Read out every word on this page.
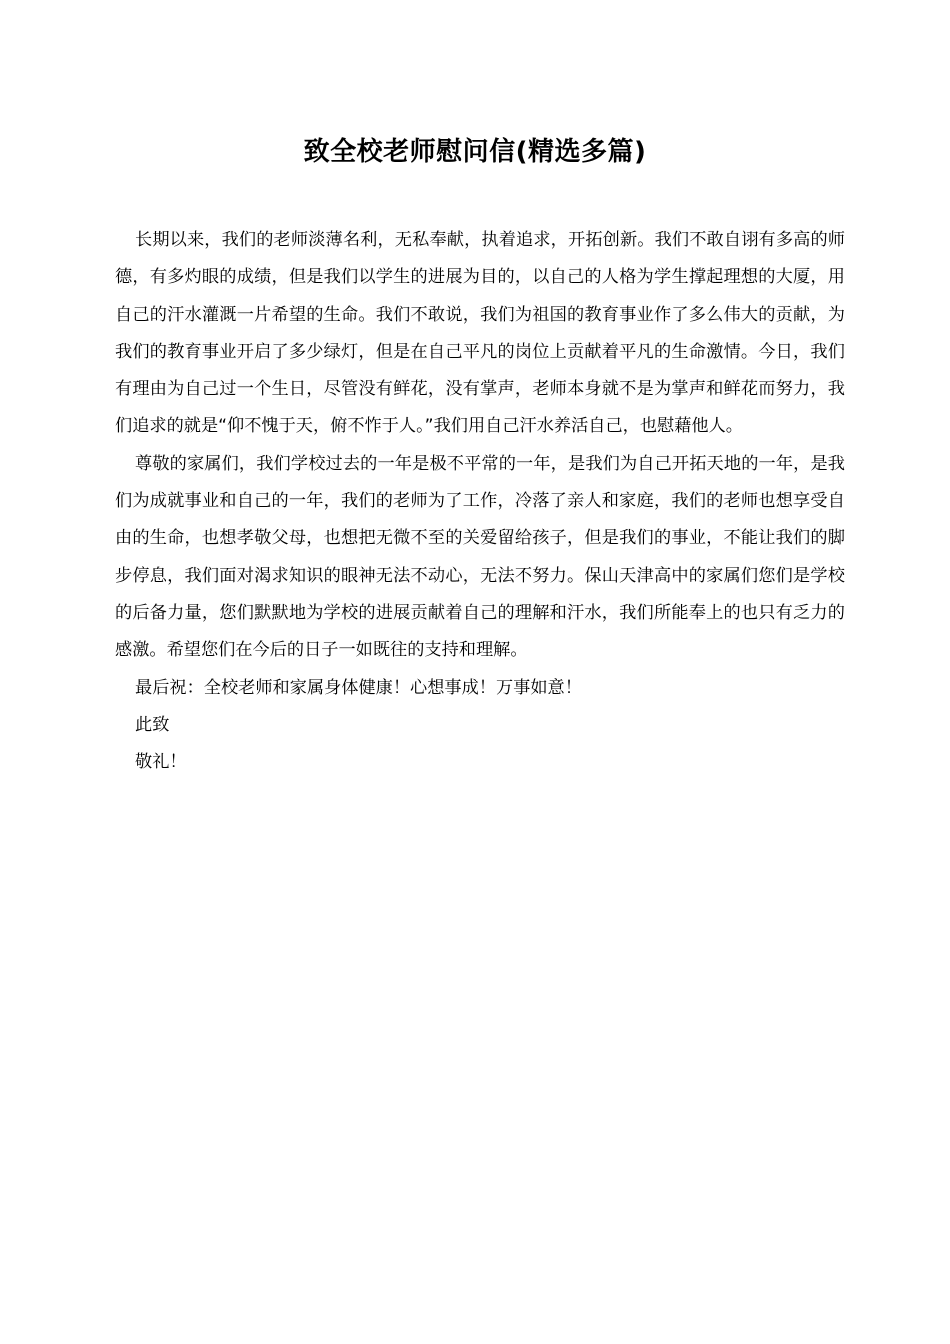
致全校老师慰问信(精选多篇)

长期以来，我们的老师淡薄名利，无私奉献，执着追求，开拓创新。我们不敢自诩有多高的师德，有多灼眼的成绩，但是我们以学生的进展为目的，以自己的人格为学生撑起理想的大厦，用自己的汗水灌溉一片希望的生命。我们不敢说，我们为祖国的教育事业作了多么伟大的贡献，为我们的教育事业开启了多少绿灯，但是在自己平凡的岗位上贡献着平凡的生命激情。今日，我们有理由为自己过一个生日，尽管没有鲜花，没有掌声，老师本身就不是为掌声和鲜花而努力，我们追求的就是“仰不愧于天，俯不怍于人。”我们用自己汗水养活自己，也慰藉他人。

尊敬的家属们，我们学校过去的一年是极不平常的一年，是我们为自己开拓天地的一年，是我们为成就事业和自己的一年，我们的老师为了工作，冷落了亲人和家庭，我们的老师也想享受自由的生命，也想孝敬父母，也想把无微不至的关爱留给孩子，但是我们的事业，不能让我们的脚步停息，我们面对渴求知识的眼神无法不动心，无法不努力。保山天津高中的家属们您们是学校的后备力量，您们默默地为学校的进展贡献着自己的理解和汗水，我们所能奉上的也只有乏力的感激。希望您们在今后的日子一如既往的支持和理解。

最后祝：全校老师和家属身体健康！心想事成！万事如意！

此致

敬礼！
